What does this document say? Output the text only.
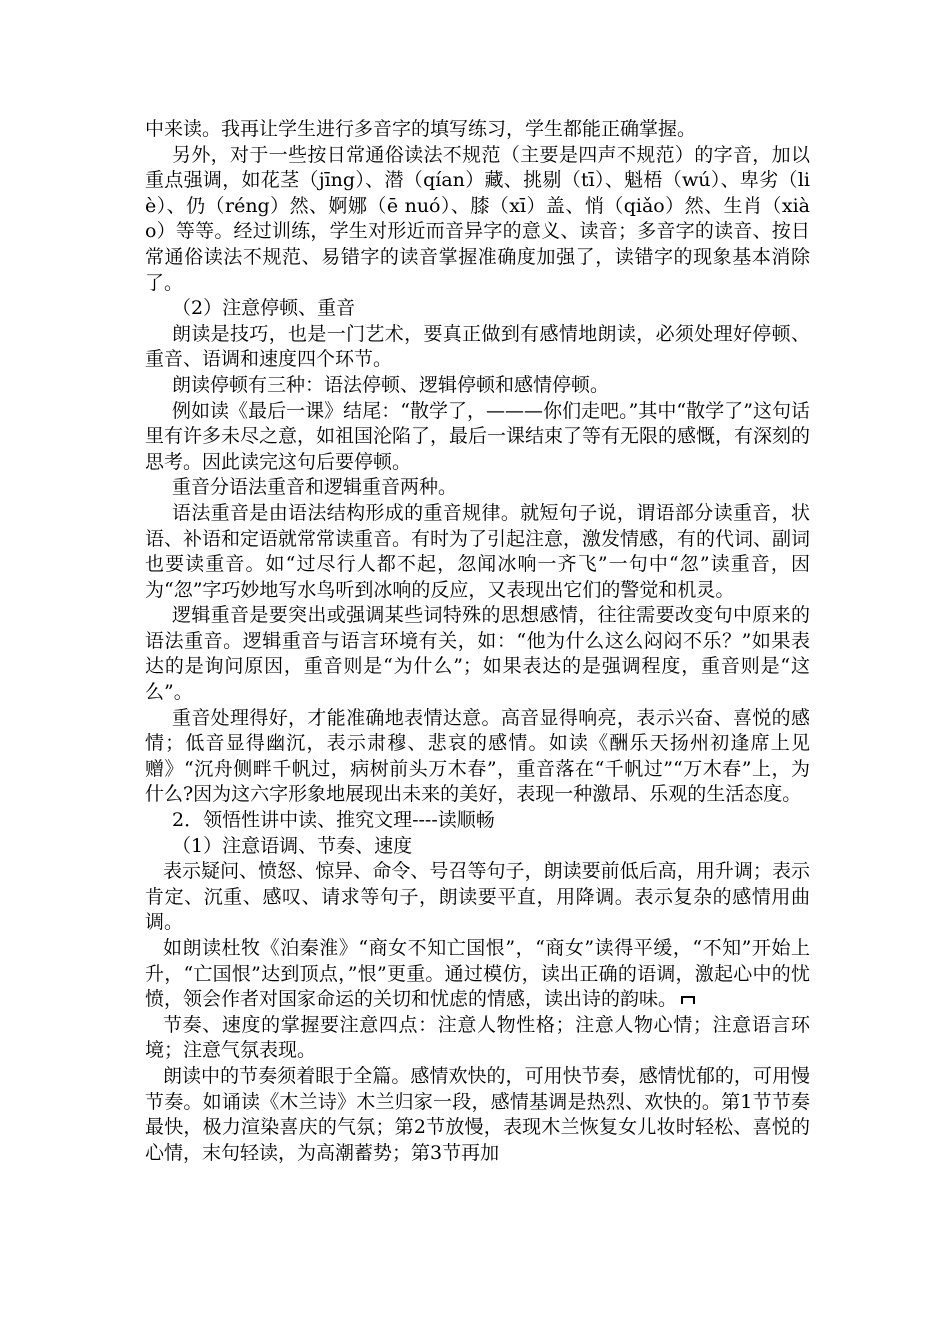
中来读。我再让学生进行多音字的填写练习，学生都能正确掌握。

另外，对于一些按日常通俗读法不规范（主要是四声不规范）的字音，加以重点强调，如花茎（jīng）、潜（qían）藏、挑剔（tī）、魁梧（wú）、卑劣（liè）、仍（réng）然、婀娜（ē nuó）、膝（xī）盖、悄（qiǎo）然、生肖（xiào）等等。经过训练，学生对形近而音异字的意义、读音；多音字的读音、按日常通俗读法不规范、易错字的读音掌握准确度加强了，读错字的现象基本消除了。

（2）注意停顿、重音

朗读是技巧，也是一门艺术，要真正做到有感情地朗读，必须处理好停顿、重音、语调和速度四个环节。

朗读停顿有三种：语法停顿、逻辑停顿和感情停顿。

例如读《最后一课》结尾：“散学了，———你们走吧。”其中“散学了”这句话里有许多未尽之意，如祖国沦陷了，最后一课结束了等有无限的感慨，有深刻的思考。因此读完这句后要停顿。

重音分语法重音和逻辑重音两种。

语法重音是由语法结构形成的重音规律。就短句子说，谓语部分读重音，状语、补语和定语就常常读重音。有时为了引起注意，激发情感，有的代词、副词也要读重音。如“过尽行人都不起，忽闻冰响一齐飞”一句中“忽”读重音，因为“忽”字巧妙地写水鸟听到冰响的反应，又表现出它们的警觉和机灵。

逻辑重音是要突出或强调某些词特殊的思想感情，往往需要改变句中原来的语法重音。逻辑重音与语言环境有关，如：“他为什么这么闷闷不乐？”如果表达的是询问原因，重音则是“为什么”；如果表达的是强调程度，重音则是“这么”。

重音处理得好，才能准确地表情达意。高音显得响亮，表示兴奋、喜悦的感情；低音显得幽沉，表示肃穆、悲哀的感情。如读《酬乐天扬州初逢席上见赠》“沉舟侧畔千帆过，病树前头万木春”，重音落在“千帆过”“万木春”上，为什么?因为这六字形象地展现出未来的美好，表现一种激昂、乐观的生活态度。

2．领悟性讲中读、推究文理----读顺畅

（1）注意语调、节奏、速度

表示疑问、愤怒、惊异、命令、号召等句子，朗读要前低后高，用升调；表示肯定、沉重、感叹、请求等句子，朗读要平直，用降调。表示复杂的感情用曲调。

如朗读杜牧《泊秦淮》“商女不知亡国恨”，“商女”读得平缓，“不知”开始上升，“亡国恨”达到顶点，”恨”更重。通过模仿，读出正确的语调，激起心中的忧愤，领会作者对国家命运的关切和忧虑的情感，读出诗的韵味。

节奏、速度的掌握要注意四点：注意人物性格；注意人物心情；注意语言环境；注意气氛表现。

朗读中的节奏须着眼于全篇。感情欢快的，可用快节奏，感情忧郁的，可用慢节奏。如诵读《木兰诗》木兰归家一段，感情基调是热烈、欢快的。第1节节奏最快，极力渲染喜庆的气氛；第2节放慢，表现木兰恢复女儿妆时轻松、喜悦的心情，末句轻读，为高潮蓄势；第3节再加
